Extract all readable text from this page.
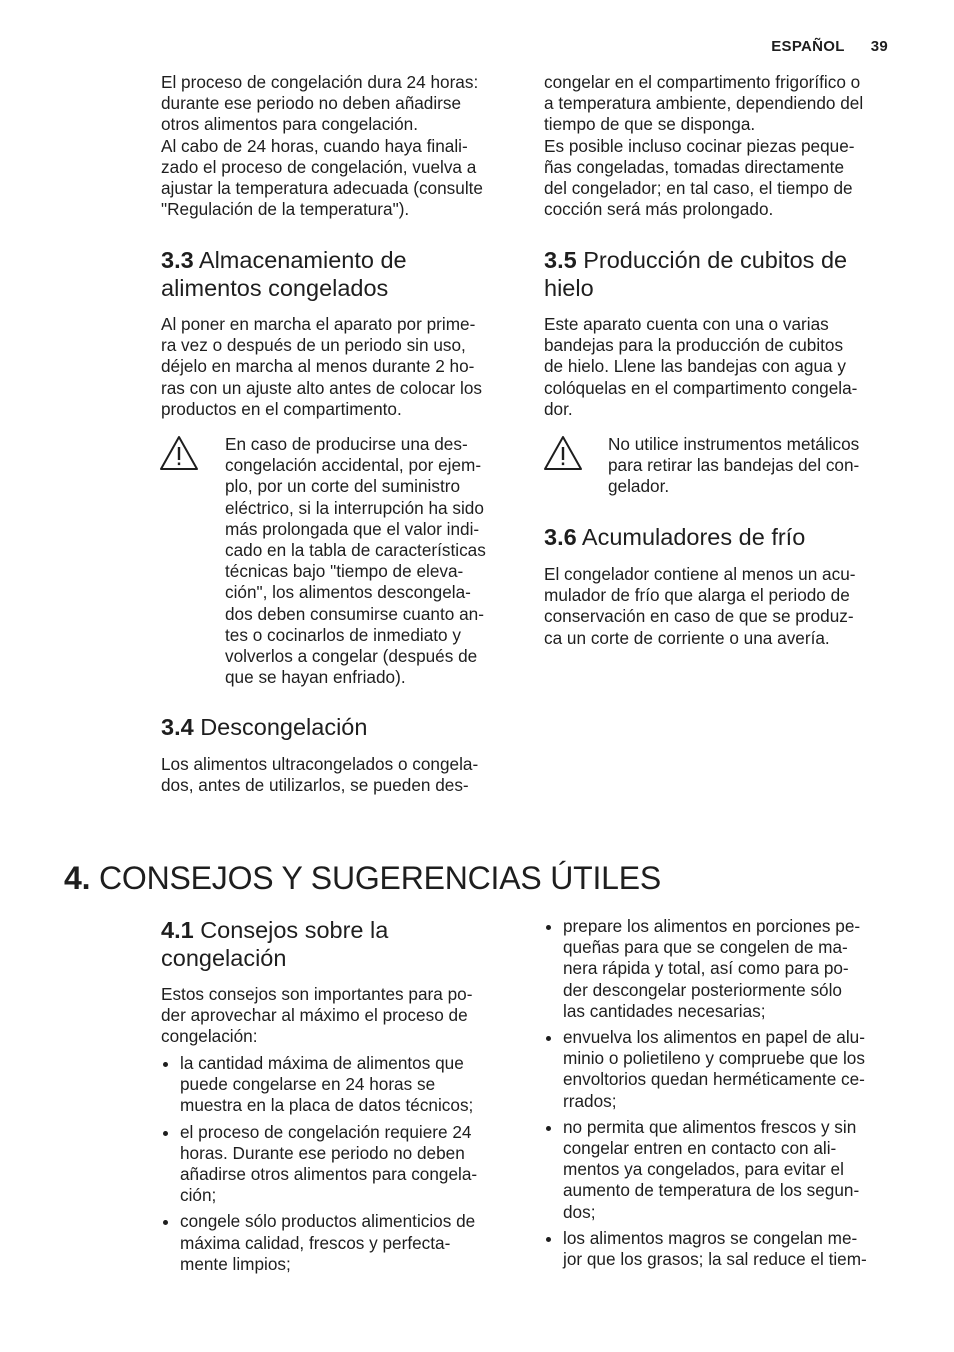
ESPAÑOL 39
El proceso de congelación dura 24 horas:
durante ese periodo no deben añadirse
otros alimentos para congelación.
Al cabo de 24 horas, cuando haya finali-
zado el proceso de congelación, vuelva a
ajustar la temperatura adecuada (consulte
"Regulación de la temperatura").
3.3 Almacenamiento de
alimentos congelados
Al poner en marcha el aparato por prime-
ra vez o después de un periodo sin uso,
déjelo en marcha al menos durante 2 ho-
ras con un ajuste alto antes de colocar los
productos en el compartimento.
En caso de producirse una des-
congelación accidental, por ejem-
plo, por un corte del suministro
eléctrico, si la interrupción ha sido
más prolongada que el valor indi-
cado en la tabla de características
técnicas bajo "tiempo de eleva-
ción", los alimentos descongela-
dos deben consumirse cuanto an-
tes o cocinarlos de inmediato y
volverlos a congelar (después de
que se hayan enfriado).
3.4 Descongelación
Los alimentos ultracongelados o congela-
dos, antes de utilizarlos, se pueden des-
congelar en el compartimento frigorífico o
a temperatura ambiente, dependiendo del
tiempo de que se disponga.
Es posible incluso cocinar piezas peque-
ñas congeladas, tomadas directamente
del congelador; en tal caso, el tiempo de
cocción será más prolongado.
3.5 Producción de cubitos de
hielo
Este aparato cuenta con una o varias
bandejas para la producción de cubitos
de hielo. Llene las bandejas con agua y
colóquelas en el compartimento congela-
dor.
No utilice instrumentos metálicos
para retirar las bandejas del con-
gelador.
3.6 Acumuladores de frío
El congelador contiene al menos un acu-
mulador de frío que alarga el periodo de
conservación en caso de que se produz-
ca un corte de corriente o una avería.
4. CONSEJOS Y SUGERENCIAS ÚTILES
4.1 Consejos sobre la
congelación
Estos consejos son importantes para po-
der aprovechar al máximo el proceso de
congelación:
la cantidad máxima de alimentos que
puede congelarse en 24 horas se
muestra en la placa de datos técnicos;
el proceso de congelación requiere 24
horas. Durante ese periodo no deben
añadirse otros alimentos para congela-
ción;
congele sólo productos alimenticios de
máxima calidad, frescos y perfecta-
mente limpios;
prepare los alimentos en porciones pe-
queñas para que se congelen de ma-
nera rápida y total, así como para po-
der descongelar posteriormente sólo
las cantidades necesarias;
envuelva los alimentos en papel de alu-
minio o polietileno y compruebe que los
envoltorios quedan herméticamente ce-
rrados;
no permita que alimentos frescos y sin
congelar entren en contacto con ali-
mentos ya congelados, para evitar el
aumento de temperatura de los segun-
dos;
los alimentos magros se congelan me-
jor que los grasos; la sal reduce el tiem-
